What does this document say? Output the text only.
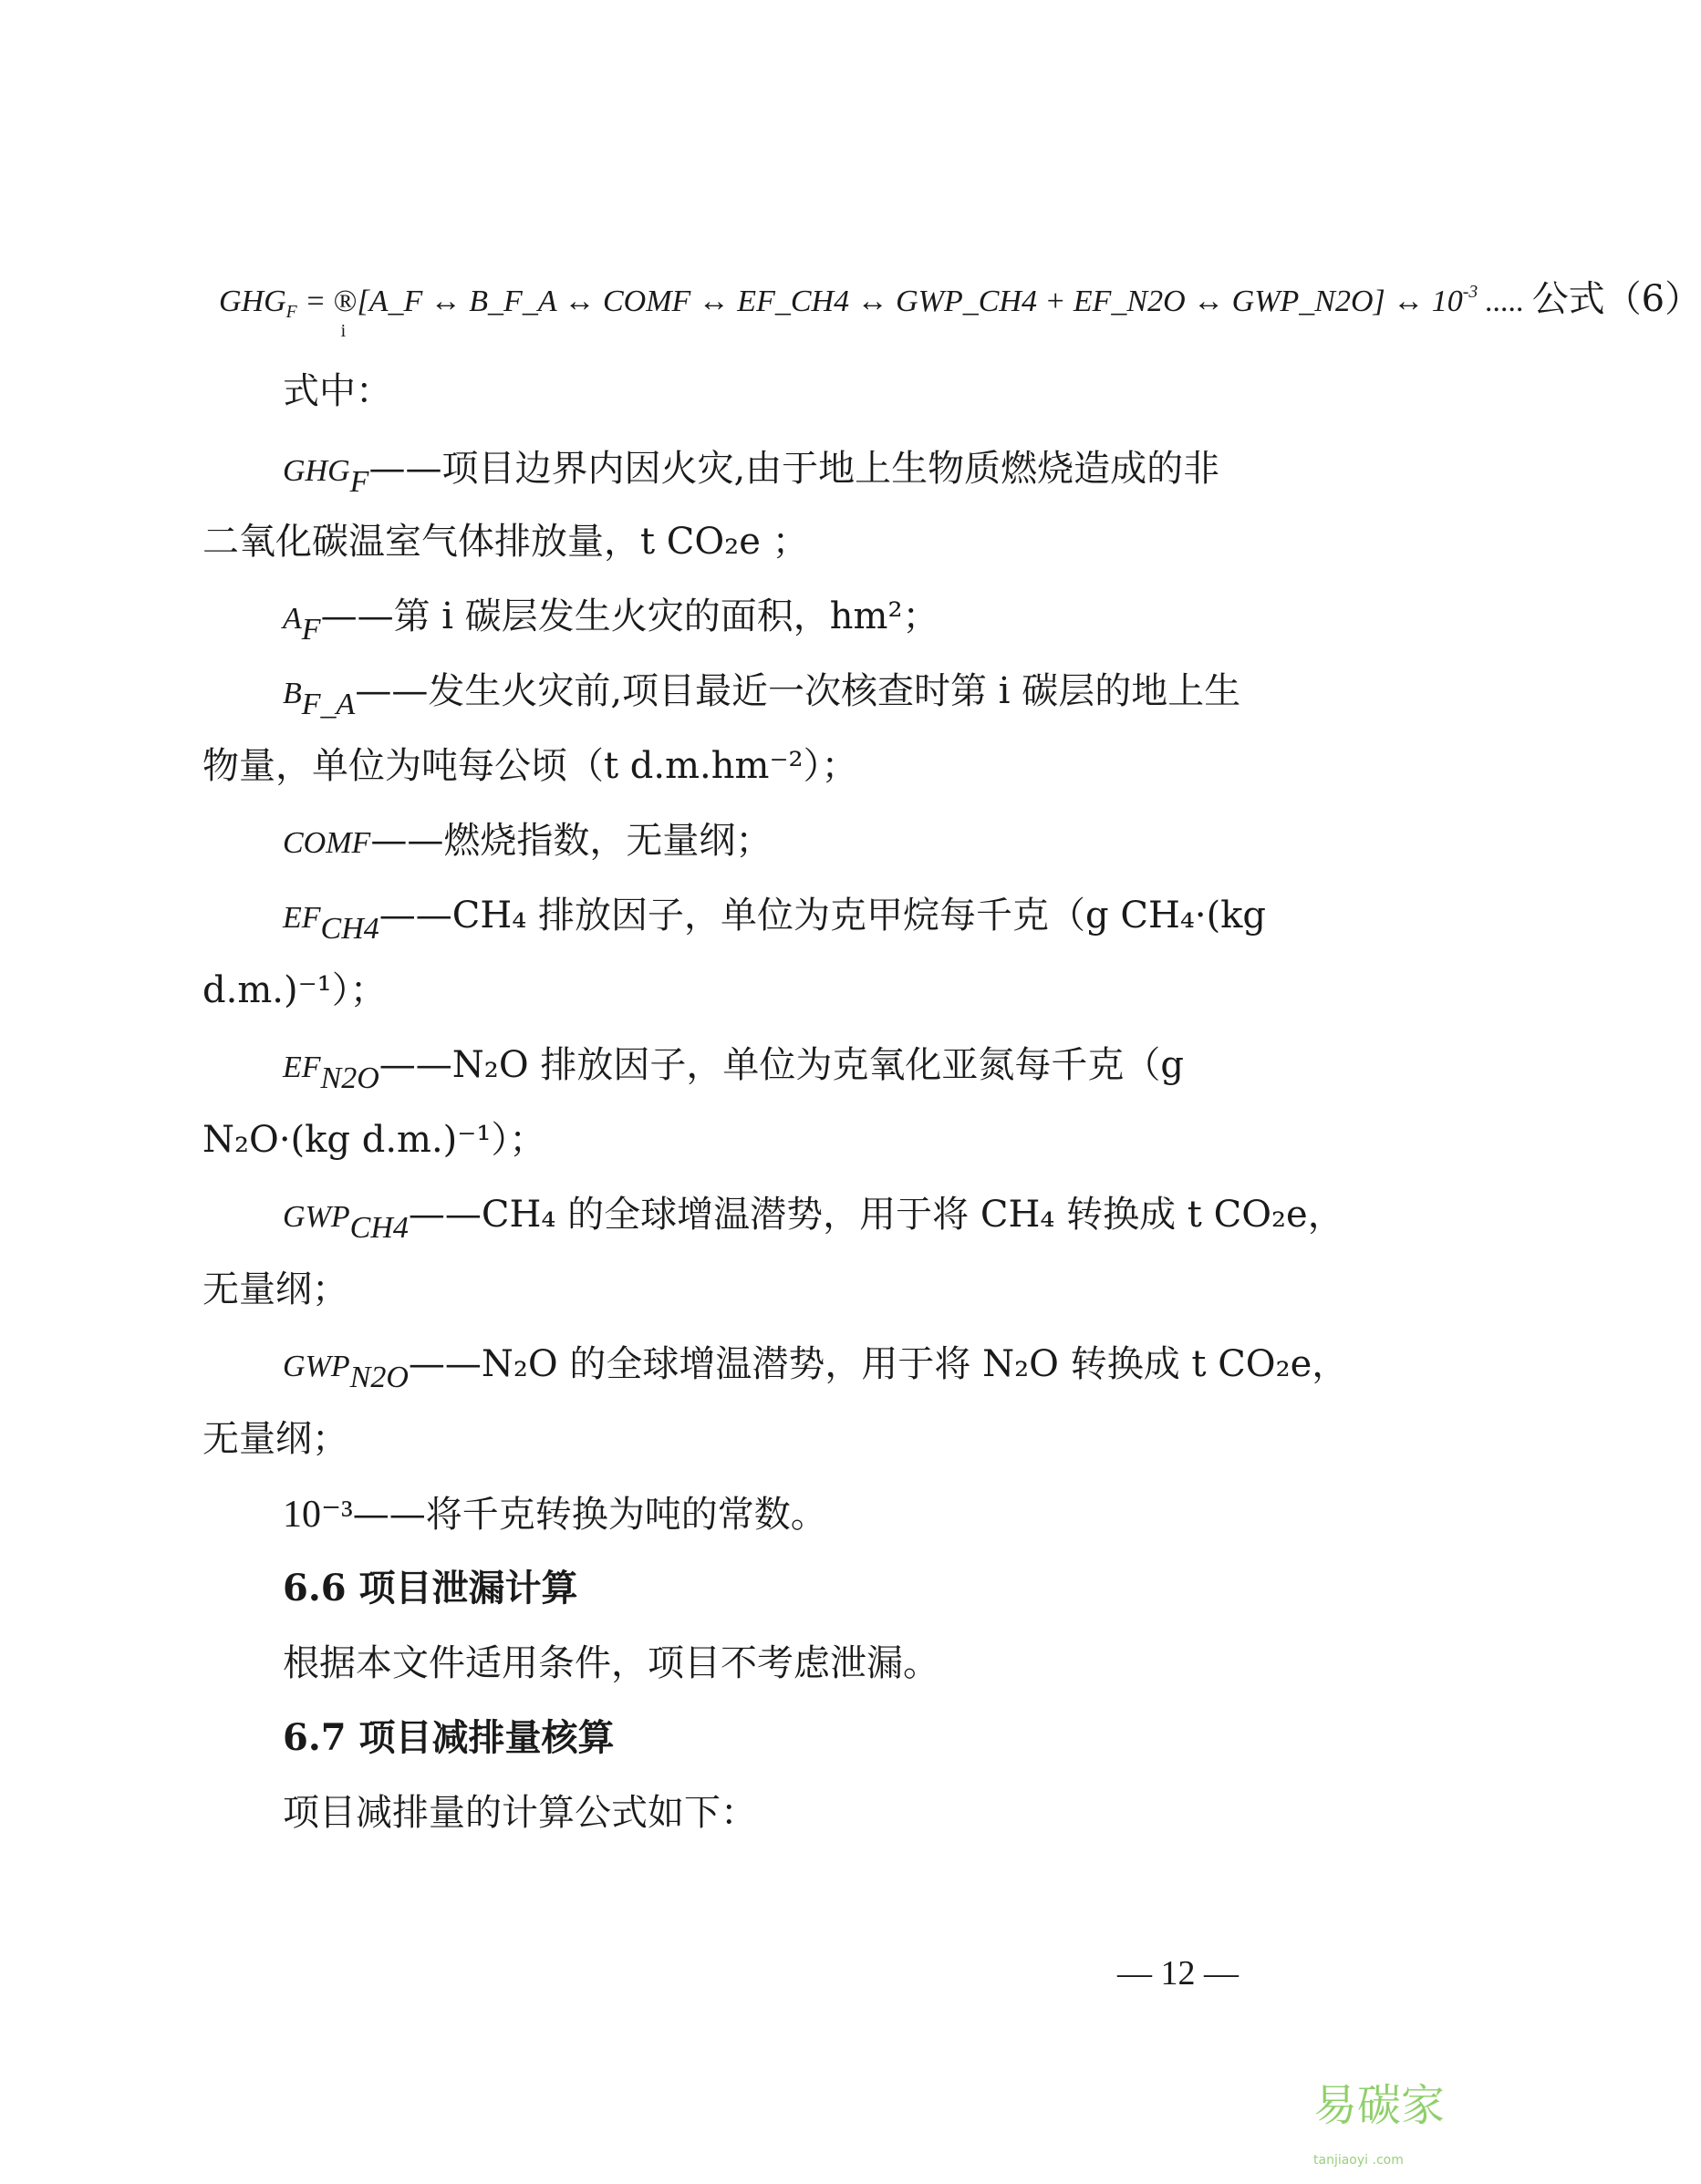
$GHG_F$ = ®
i
[A_F ↔ B_F_A ↔ COMF ↔ EF_CH4 ↔ GWP_CH4 + EF_N2O ↔ GWP_N2O] ↔ $10^{-3}$ ..... 公式（6）
式中：
$GHG_F——$项目边界内因火灾,由于地上生物质燃烧造成的非
二氧化碳温室气体排放量，t CO₂e ；
$A_F——$第 i 碳层发生火灾的面积，hm²；
$B_{F\_A}——$发生火灾前,项目最近一次核查时第 i 碳层的地上生
物量，单位为吨每公顷（t d.m.hm⁻²）；
COMF——燃烧指数，无量纲；
$EF_{CH4}——CH_4$ 排放因子，单位为克甲烷每千克（g CH₄·(kg
d.m.)⁻¹）；
$EF_{N2O}——N_2O$ 排放因子，单位为克氧化亚氮每千克（g
N₂O·(kg d.m.)⁻¹）；
$GWP_{CH4}——CH_4$ 的全球增温潜势，用于将 CH₄ 转换成 t CO₂e，
无量纲；
$GWP_{N2O}——N_2O$ 的全球增温潜势，用于将 N₂O 转换成 t CO₂e，
无量纲；
10⁻³——将千克转换为吨的常数。
6.6 项目泄漏计算
根据本文件适用条件，项目不考虑泄漏。
6.7 项目减排量核算
项目减排量的计算公式如下：
— 12 —
易碳家 tanjiaoyi .com
